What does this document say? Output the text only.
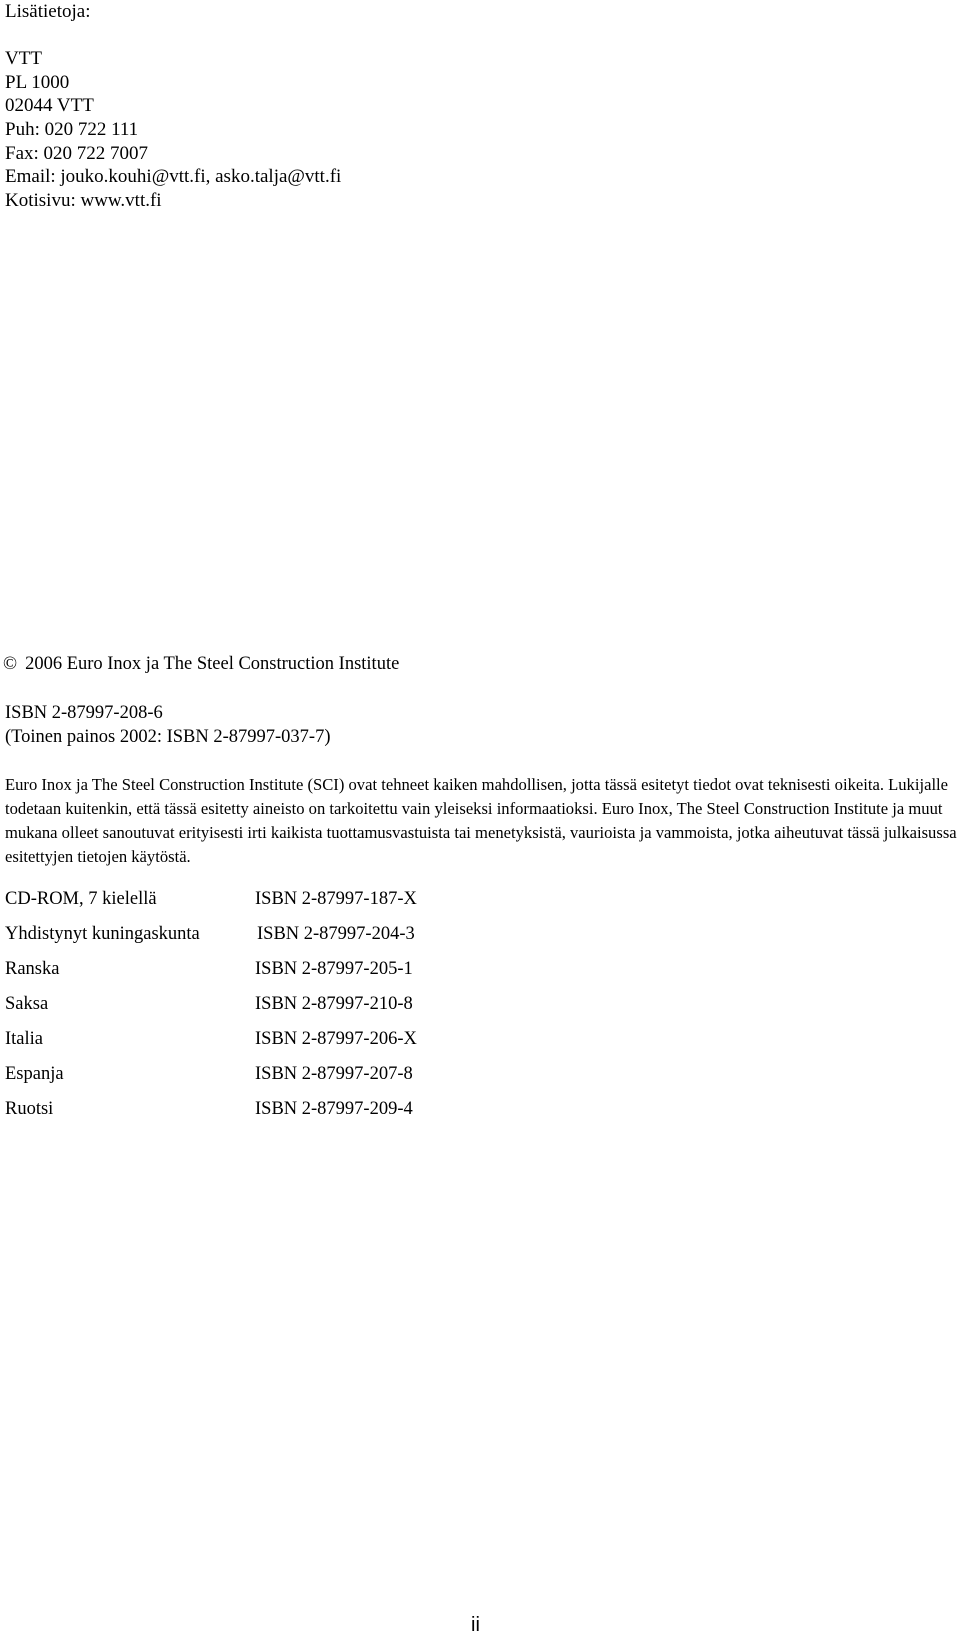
Lisätietoja:
VTT
PL 1000
02044 VTT
Puh: 020 722 111
Fax: 020 722 7007
Email: jouko.kouhi@vtt.fi, asko.talja@vtt.fi
Kotisivu: www.vtt.fi
© 2006 Euro Inox ja The Steel Construction Institute
ISBN 2-87997-208-6
(Toinen painos 2002: ISBN 2-87997-037-7)

Euro Inox ja The Steel Construction Institute (SCI) ovat tehneet kaiken mahdollisen, jotta tässä esitetyt tiedot ovat teknisesti oikeita. Lukijalle todetaan kuitenkin, että tässä esitetty aineisto on tarkoitettu vain yleiseksi informaatioksi. Euro Inox, The Steel Construction Institute ja muut mukana olleet sanoutuvat erityisesti irti kaikista tuottamusvastuista tai menetyksistä, vaurioista ja vammoista, jotka aiheutuvat tässä julkaisussa esitettyjen tietojen käytöstä.

CD-ROM, 7 kielellä	ISBN 2-87997-187-X
Yhdistynyt kuningaskunta	ISBN 2-87997-204-3
Ranska	ISBN 2-87997-205-1
Saksa	ISBN 2-87997-210-8
Italia	ISBN 2-87997-206-X
Espanja	ISBN 2-87997-207-8
Ruotsi	ISBN 2-87997-209-4
ii
